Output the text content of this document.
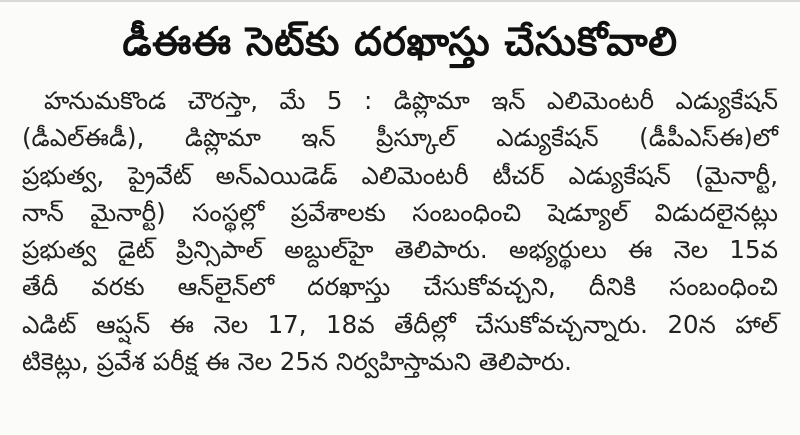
డీఈఈ సెట్‌కు దరఖాస్తు చేసుకోవాలి
హనుమకొండ చౌరస్తా, మే 5 : డిప్లొమా ఇన్ ఎలిమెంటరీ ఎడ్యుకేషన్
(డీఎల్ఈడీ), డిప్లొమా ఇన్ ప్రీస్కూల్ ఎడ్యుకేషన్ (డీపీఎస్ఈ)లో
ప్రభుత్వ, ప్రైవేట్ అన్ఎయిడెడ్ ఎలిమెంటరీ టీచర్ ఎడ్యుకేషన్ (మైనార్టీ,
నాన్ మైనార్టీ) సంస్థల్లో ప్రవేశాలకు సంబంధించి షెడ్యూల్ విడుదలైనట్లు
ప్రభుత్వ డైట్ ప్రిన్సిపాల్ అబ్దుల్‌హై తెలిపారు. అభ్యర్థులు ఈ నెల 15వ
తేదీ వరకు ఆన్‌లైన్‌లో దరఖాస్తు చేసుకోవచ్చని, దీనికి సంబంధించి
ఎడిట్ ఆప్షన్ ఈ నెల 17, 18వ తేదీల్లో చేసుకోవచ్చన్నారు. 20న హాల్
టికెట్లు, ప్రవేశ పరీక్ష ఈ నెల 25న నిర్వహిస్తామని తెలిపారు.
